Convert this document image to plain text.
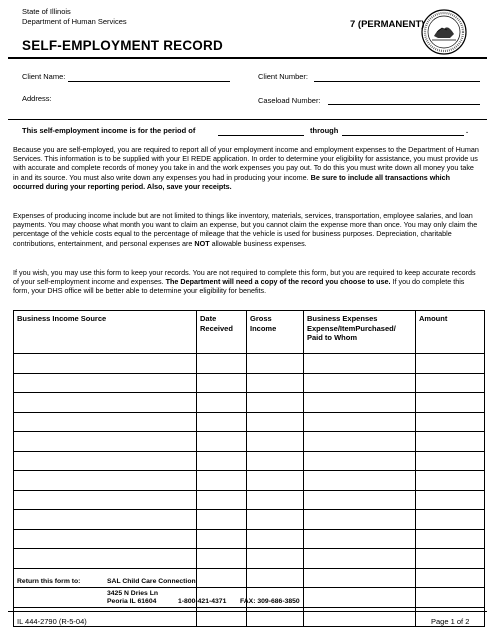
State of Illinois
Department of Human Services	7 (PERMANENT)
SELF-EMPLOYMENT RECORD
Client Name:	Client Number:
Address:	Caseload Number:
This self-employment income is for the period of	through	.
Because you are self-employed, you are required to report all of your employment income and employment expenses to the Department of Human Services. This information is to be supplied with your EI REDE application. In order to determine your eligibility for assistance, you must provide us with accurate and complete records of money you take in and the work expenses you pay out. To do this you must write down all money you take in and its source. You must also write down any expenses you had in producing your income. Be sure to include all transactions which occurred during your reporting period. Also, save your receipts.
Expenses of producing income include but are not limited to things like inventory, materials, services, transportation, employee salaries, and loan payments. You may choose what month you want to claim an expense, but you cannot claim the expense more than once. You may only claim the percentage of the vehicle costs equal to the percentage of mileage that the vehicle is used for business purposes. Depreciation, charitable contributions, entertainment, and personal expenses are NOT allowable business expenses.
If you wish, you may use this form to keep your records. You are not required to complete this form, but you are required to keep accurate records of your self-employment income and expenses. The Department will need a copy of the record you choose to use. If you do complete this form, your DHS office will be better able to determine your eligibility for benefits.
Business Income Source	Date Received	Gross Income	Business Expenses Expense/ItemPurchased/ Paid to Whom	Amount

Return this form to:	SAL Child Care Connection
3425 N Dries Ln
Peoria IL 61604	1-800-421-4371 FAX: 309-686-3850
IL 444-2790 (R-5-04)	Page 1 of 2
